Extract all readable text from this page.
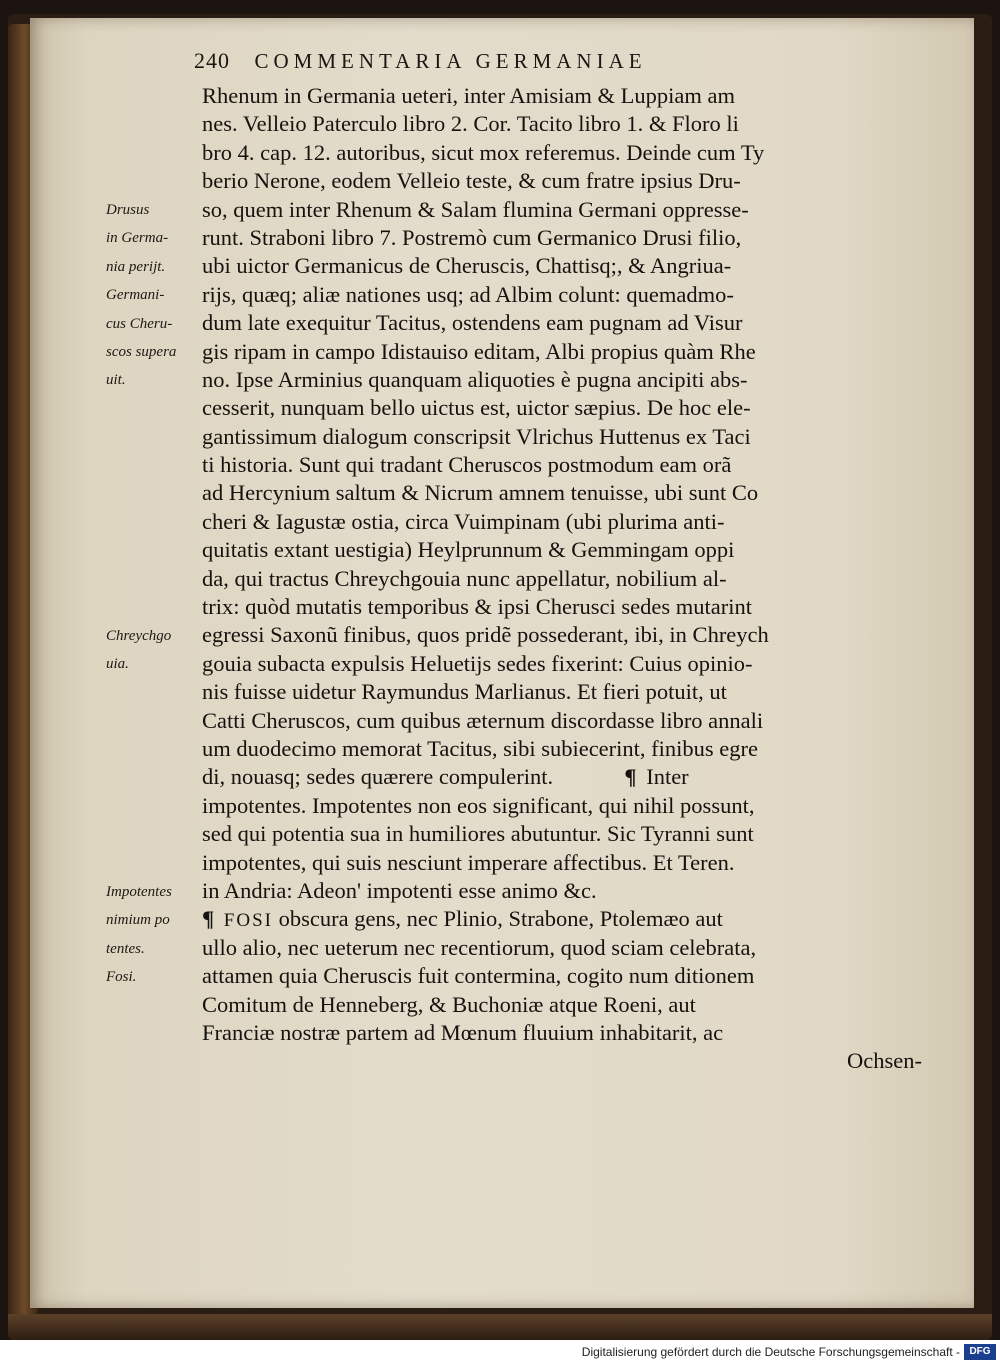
240 COMMENTARIA GERMANIAE
Rhenum in Germania ueteri, inter Amisiam & Luppiam am
nes. Velleio Paterculo libro 2. Cor. Tacito libro 1. & Floro li
bro 4. cap. 12. autoribus, sicut mox referemus. Deinde cum Ty
berio Nerone, eodem Velleio teste, & cum fratre ipsius Dru-
so, quem inter Rhenum & Salam flumina Germani oppresse-
runt. Straboni libro 7. Postremò cum Germanico Drusi filio,
ubi uictor Germanicus de Cheruscis, Chattisq;, & Angriua-
rijs, quæq; aliæ nationes usq; ad Albim colunt: quemadmo-
dum late exequitur Tacitus, ostendens eam pugnam ad Visur
gis ripam in campo Idistauiso editam, Albi propius quàm Rhe
no. Ipse Arminius quanquam aliquoties è pugna ancipiti abs-
cesserit, nunquam bello uictus est, uictor sæpius. De hoc ele-
gantissimum dialogum conscripsit Vlrichus Huttenus ex Taci
ti historia. Sunt qui tradant Cheruscos postmodum eam orã
ad Hercynium saltum & Nicrum amnem tenuisse, ubi sunt Co
cheri & Iagustæ ostia, circa Vuimpinam (ubi plurima anti-
quitatis extant uestigia) Heylprunnum & Gemmingam oppi
da, qui tractus Chreychgouia nunc appellatur, nobilium al-
trix: quòd mutatis temporibus & ipsi Cherusci sedes mutarint
egressi Saxonũ finibus, quos pridẽ possederant, ibi, in Chreych
gouia subacta expulsis Heluetijs sedes fixerint: Cuius opinio-
nis fuisse uidetur Raymundus Marlianus. Et fieri potuit, ut
Catti Cheruscos, cum quibus æternum discordasse libro annali
um duodecimo memorat Tacitus, sibi subiecerint, finibus egre
di, nouasq; sedes quærere compulerint.	¶ Inter
impotentes. Impotentes non eos significant, qui nihil possunt,
sed qui potentia sua in humiliores abutuntur. Sic Tyranni sunt
impotentes, qui suis nesciunt imperare affectibus. Et Teren.
in Andria: Adeon' impotenti esse animo &c.
¶ FOSI obscura gens, nec Plinio, Strabone, Ptolemæo aut
ullo alio, nec ueterum nec recentiorum, quod sciam celebrata,
attamen quia Cheruscis fuit contermina, cogito num ditionem
Comitum de Henneberg, & Buchoniæ atque Roeni, aut
Franciæ nostræ partem ad Mœnum fluuium inhabitarit, ac
Ochsen-
Drusus
in Germa-
nia perijt.
Germani-
cus Cheru-
scos supera
uit.
Chreychgo
uia.
Impotentes
nimium po
tentes.
Fosi.
Digitalisierung gefördert durch die Deutsche Forschungsgemeinschaft - DFG
